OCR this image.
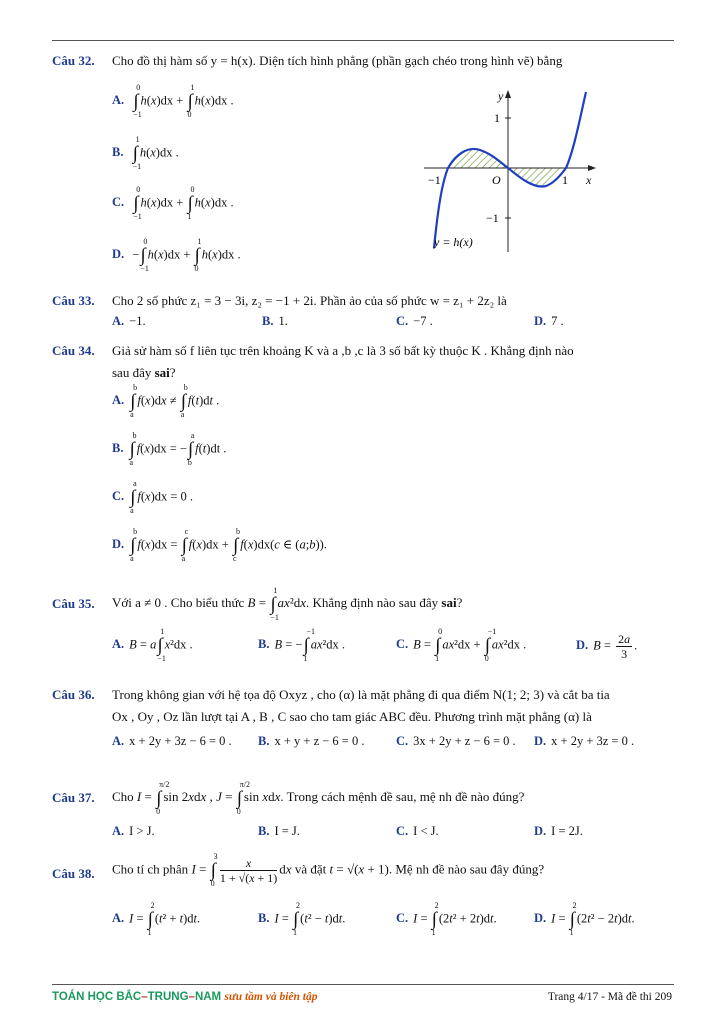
Câu 32. Cho đồ thị hàm số y = h(x). Diện tích hình phẳng (phần gạch chéo trong hình vẽ) bằng
A. ∫
0
−1
h(x)dx + ∫
1
0
h(x)dx .
B. ∫
1
−1
h(x)dx .
C. ∫
0
−1
h(x)dx + ∫
0
1
h(x)dx .
D. −∫
0
−1
h(x)dx + ∫
1
0
h(x)dx .
y
x
O
1
−1
−1	1
y = h(x)
Câu 33. Cho 2 số phức z₁ = 3 − 3i, z₂ = −1 + 2i. Phần ảo của số phức w = z₁ + 2z₂ là
A. −1.	B. 1.	C. −7 .	D. 7 .
Câu 34. Giả sử hàm số f liên tục trên khoảng K và a ,b ,c là 3 số bất kỳ thuộc K . Khẳng định nào
sau đây sai?
A. ∫
b
a
f(x)dx ≠ ∫
b
a
f(t)dt .
B. ∫
b
a
f(x)dx = −∫
a
b
f(t)dt .
C. ∫
a
a
f(x)dx = 0 .
D. ∫
b
a
f(x)dx = ∫
c
a
f(x)dx + ∫
b
c
f(x)dx(c ∈ (a;b)).
Câu 35. Với a ≠ 0 . Cho biểu thức B = ∫
1
−1
ax²dx. Khẳng định nào sau đây sai?
A. B = a∫
1
−1
x²dx .	B. B = −∫
−1
1
ax²dx .	C. B = ∫
0
1
ax²dx + ∫
−1
0
ax²dx .	D. $B = \frac{2a}{3}$ .
Câu 36. Trong không gian với hệ tọa độ Oxyz , cho (α) là mặt phẳng đi qua điểm N(1; 2; 3) và cắt ba tia
Ox , Oy , Oz lần lượt tại A , B , C sao cho tam giác ABC đều. Phương trình mặt phẳng (α) là
A. x + 2y + 3z − 6 = 0 . B. x + y + z − 6 = 0 .	C. 3x + 2y + z − 6 = 0 . D. x + 2y + 3z = 0 .
Câu 37. Cho I = ∫
π/2
0
sin 2xdx , J = ∫
π/2
0
sin xdx. Trong cách mệnh đề sau, mệ nh đề nào đúng?
A. I > J.	B. I = J.	C. I < J.	D. I = 2J.
Câu 38. Cho tí ch phân I = ∫
3
$0 \frac{x}{1 + √(x + 1)}$ dx và đặt t = √(x + 1). Mệ nh đề nào sau đây đúng?
A. I = ∫
2
1
(t² + t)dt.	B. I = ∫
2
1
(t² − t)dt.	C. I = ∫
2
1
(2t² + 2t)dt.	D. I = ∫
2
1
(2t² − 2t)dt.
TOÁN HỌC BẮC–TRUNG–NAM sưu tầm và biên tập	Trang 4/17 - Mã đề thi 209
